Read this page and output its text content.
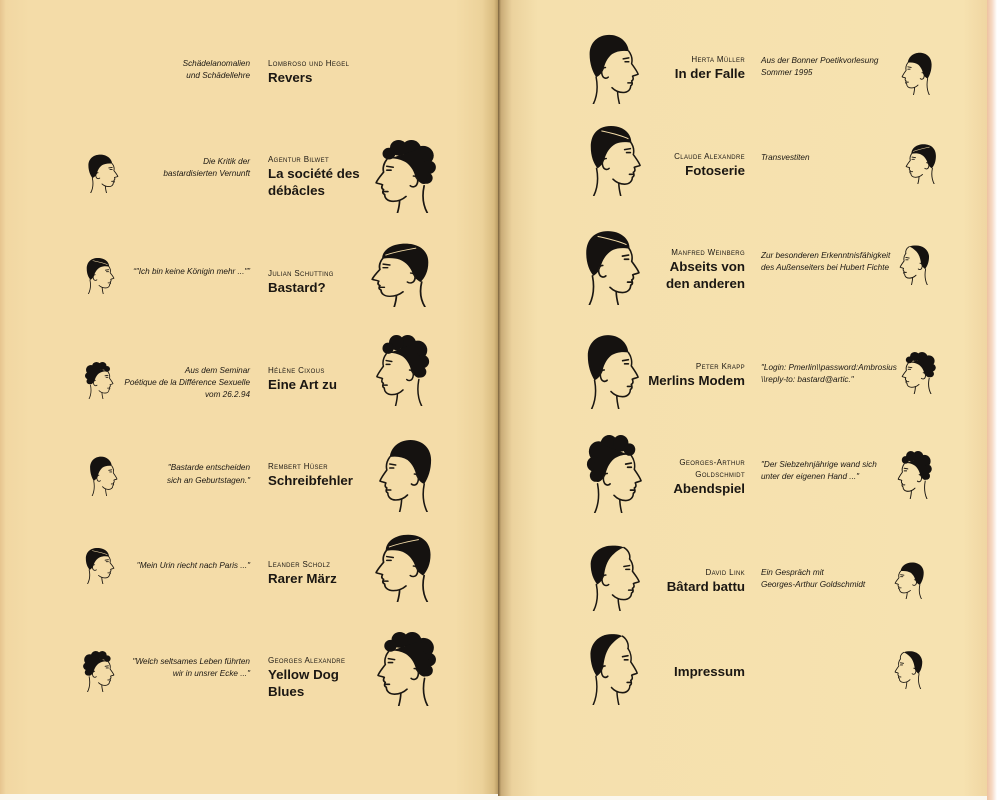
Schädelanomalien
und Schädellehre
Lombroso und Hegel
Revers
Die Kritik der
bastardisierten Vernunft
Agentur Bilwet
La société des
débâcles
“"Ich bin keine Königin mehr ..."” Julian Schutting
Bastard?
Aus dem Seminar
Poétique de la Différence Sexuelle
vom 26.2.94
Hélène Cixous
Eine Art zu
"Bastarde entscheiden
sich an Geburtstagen."
Rembert Hüser
Schreibfehler
"Mein Urin riecht nach Paris ..." Leander Scholz
Rarer März
"Welch seltsames Leben führten
wir in unsrer Ecke ..."
Georges Alexandre
Yellow Dog
Blues
Herta Müller
In der Falle
Aus der Bonner Poetikvorlesung
Sommer 1995
Claude Alexandre
Fotoserie
Transvestiten
Manfred Weinberg
Abseits von
den anderen
Zur besonderen Erkenntnisfähigkeit
des Außenseiters bei Hubert Fichte
Peter Krapp
Merlins Modem
"Login: Pmerlin\\password:Ambrosius
\\reply-to: bastard@artic."
Georges-Arthur
Goldschmidt
Abendspiel
"Der Siebzehnjährige wand sich
unter der eigenen Hand ..."
David Link
Bâtard battu
Ein Gespräch mit
Georges-Arthur Goldschmidt
Impressum
